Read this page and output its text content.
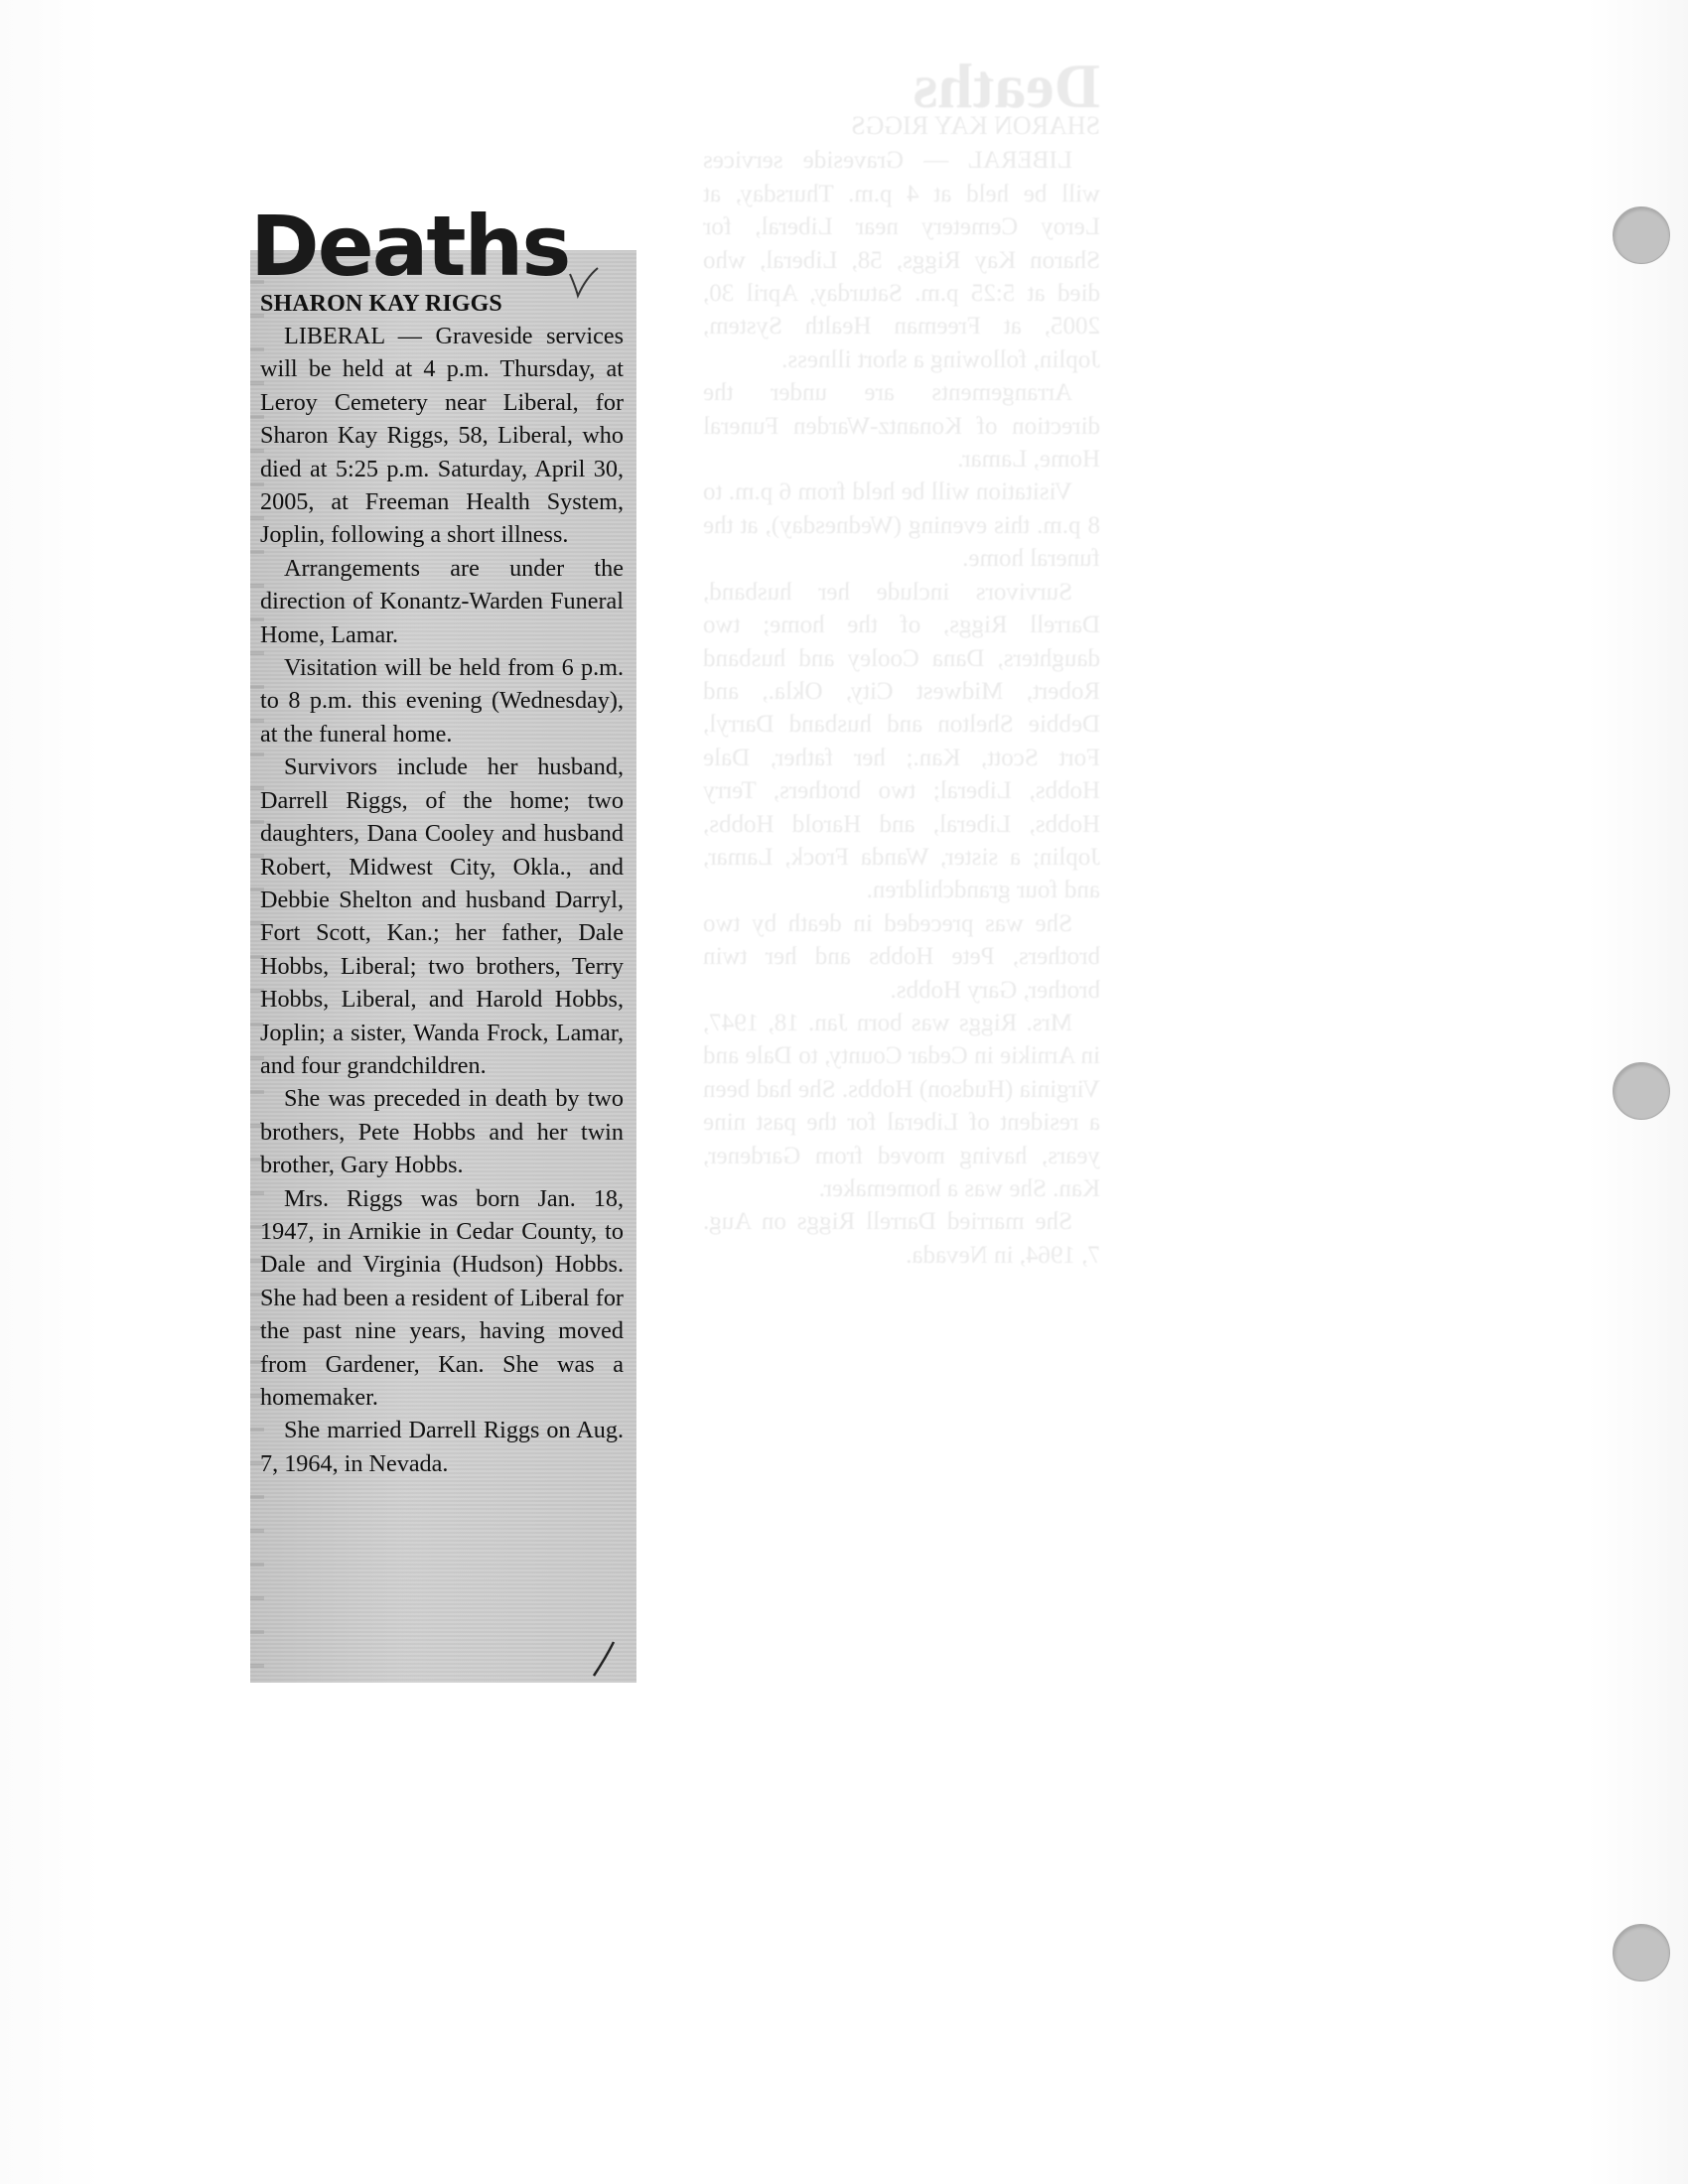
Deaths
SHARON KAY RIGGS

LIBERAL — Graveside services will be held at 4 p.m. Thursday, at Leroy Cemetery near Liberal, for Sharon Kay Riggs, 58, Liberal, who died at 5:25 p.m. Saturday, April 30, 2005, at Freeman Health System, Joplin, following a short illness.

Arrangements are under the direction of Konantz-Warden Funeral Home, Lamar.

Visitation will be held from 6 p.m. to 8 p.m. this evening (Wednesday), at the funeral home.

Survivors include her husband, Darrell Riggs, of the home; two daughters, Dana Cooley and husband Robert, Midwest City, Okla., and Debbie Shelton and husband Darryl, Fort Scott, Kan.; her father, Dale Hobbs, Liberal; two brothers, Terry Hobbs, Liberal, and Harold Hobbs, Joplin; a sister, Wanda Frock, Lamar, and four grandchildren.

She was preceded in death by two brothers, Pete Hobbs and her twin brother, Gary Hobbs.

Mrs. Riggs was born Jan. 18, 1947, in Arnikie in Cedar County, to Dale and Virginia (Hudson) Hobbs. She had been a resident of Liberal for the past nine years, having moved from Gardener, Kan. She was a homemaker.

She married Darrell Riggs on Aug. 7, 1964, in Nevada.

Deaths
SHARON KAY RIGGS

LIBERAL — Graveside services will be held at 4 p.m. Thursday, at Leroy Cemetery near Liberal, for Sharon Kay Riggs, 58, Liberal, who died at 5:25 p.m. Saturday, April 30, 2005, at Freeman Health System, Joplin, following a short illness.

Arrangements are under the direction of Konantz-Warden Funeral Home, Lamar.

Visitation will be held from 6 p.m. to 8 p.m. this evening (Wednesday), at the funeral home.

Survivors include her husband, Darrell Riggs, of the home; two daughters, Dana Cooley and husband Robert, Midwest City, Okla., and Debbie Shelton and husband Darryl, Fort Scott, Kan.; her father, Dale Hobbs, Liberal; two brothers, Terry Hobbs, Liberal, and Harold Hobbs, Joplin; a sister, Wanda Frock, Lamar, and four grandchildren.

She was preceded in death by two brothers, Pete Hobbs and her twin brother, Gary Hobbs.

Mrs. Riggs was born Jan. 18, 1947, in Arnikie in Cedar County, to Dale and Virginia (Hudson) Hobbs. She had been a resident of Liberal for the past nine years, having moved from Gardener, Kan. She was a homemaker.

She married Darrell Riggs on Aug. 7, 1964, in Nevada.
